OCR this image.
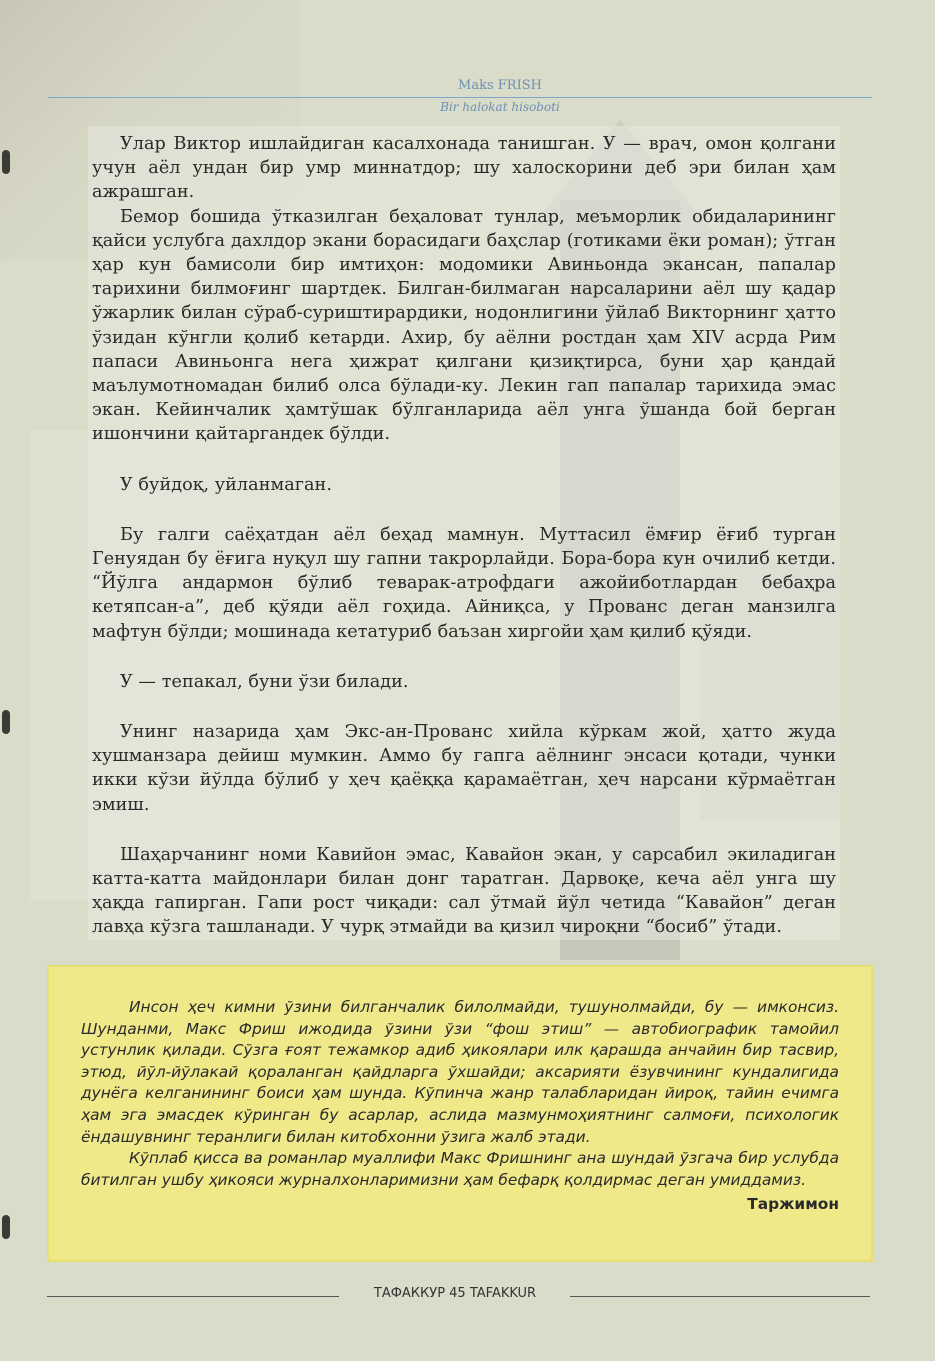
Maks FRISH
Bir halokat hisoboti

Улар Виктор ишлайдиган касалхонада танишган. У — врач, омон қолгани учун аёл ундан бир умр миннатдор; шу халоскорини деб эри билан ҳам ажрашган.

Бемор бошида ўтказилган беҳаловат тунлар, меъморлик обидаларининг қайси услубга дахлдор экани борасидаги баҳслар (готиками ёки роман); ўтган ҳар кун бамисоли бир имтиҳон: модомики Авиньонда экансан, папалар тарихини билмоғинг шартдек. Билган-билмаган нарсаларини аёл шу қадар ўжарлик билан сўраб-суриштирардики, нодонлигини ўйлаб Викторнинг ҳатто ўзидан кўнгли қолиб кетарди. Ахир, бу аёлни ростдан ҳам XIV асрда Рим папаси Авиньонга нега ҳижрат қилгани қизиқтирса, буни ҳар қандай маълумотномадан билиб олса бўлади-ку. Лекин гап папалар тарихида эмас экан. Кейинчалик ҳамтўшак бўлганларида аёл унга ўшанда бой берган ишончини қайтаргандек бўлди.

У буйдоқ, уйланмаган.

Бу галги саёҳатдан аёл беҳад мамнун. Муттасил ёмғир ёғиб турган Генуядан бу ёғига нуқул шу гапни такрорлайди. Бора-бора кун очилиб кетди. “Йўлга андармон бўлиб теварак-атрофдаги ажойиботлардан бебаҳра кетяпсан-а”, деб қўяди аёл гоҳида. Айниқса, у Прованс деган манзилга мафтун бўлди; мошинада кетатуриб баъзан хиргойи ҳам қилиб қўяди.

У — тепакал, буни ўзи билади.

Унинг назарида ҳам Экс-ан-Прованс хийла кўркам жой, ҳатто жуда хушманзара дейиш мумкин. Аммо бу гапга аёлнинг энсаси қотади, чунки икки кўзи йўлда бўлиб у ҳеч қаёққа қарамаётган, ҳеч нарсани кўрмаётган эмиш.

Шаҳарчанинг номи Кавийон эмас, Кавайон экан, у сарсабил экиладиган катта-катта майдонлари билан донг таратган. Дарвоқе, кеча аёл унга шу ҳақда гапирган. Гапи рост чиқади: сал ўтмай йўл четида “Кавайон” деган лавҳа кўзга ташланади. У чурқ этмайди ва қизил чироқни “босиб” ўтади.

Инсон ҳеч кимни ўзини билганчалик билолмайди, тушунолмайди, бу — имконсиз. Шунданми, Макс Фриш ижодида ўзини ўзи “фош этиш” — автобиографик тамойил устунлик қилади. Сўзга ғоят тежамкор адиб ҳикоялари илк қарашда анчайин бир тасвир, этюд, йўл-йўлакай қораланган қайдларга ўхшайди; аксарияти ёзувчининг кундалигида дунёга келганининг боиси ҳам шунда. Кўпинча жанр талабларидан йироқ, тайин ечимга ҳам эга эмасдек кўринган бу асарлар, аслида мазмунмоҳиятнинг салмоғи, психологик ёндашувнинг теранлиги билан китобхонни ўзига жалб этади.

Кўплаб қисса ва романлар муаллифи Макс Фришнинг ана шундай ўзгача бир услубда битилган ушбу ҳикояси журналхонларимизни ҳам бефарқ қолдирмас деган умиддамиз.

Таржимон

ТАФАККУР 45 TAFAKKUR
